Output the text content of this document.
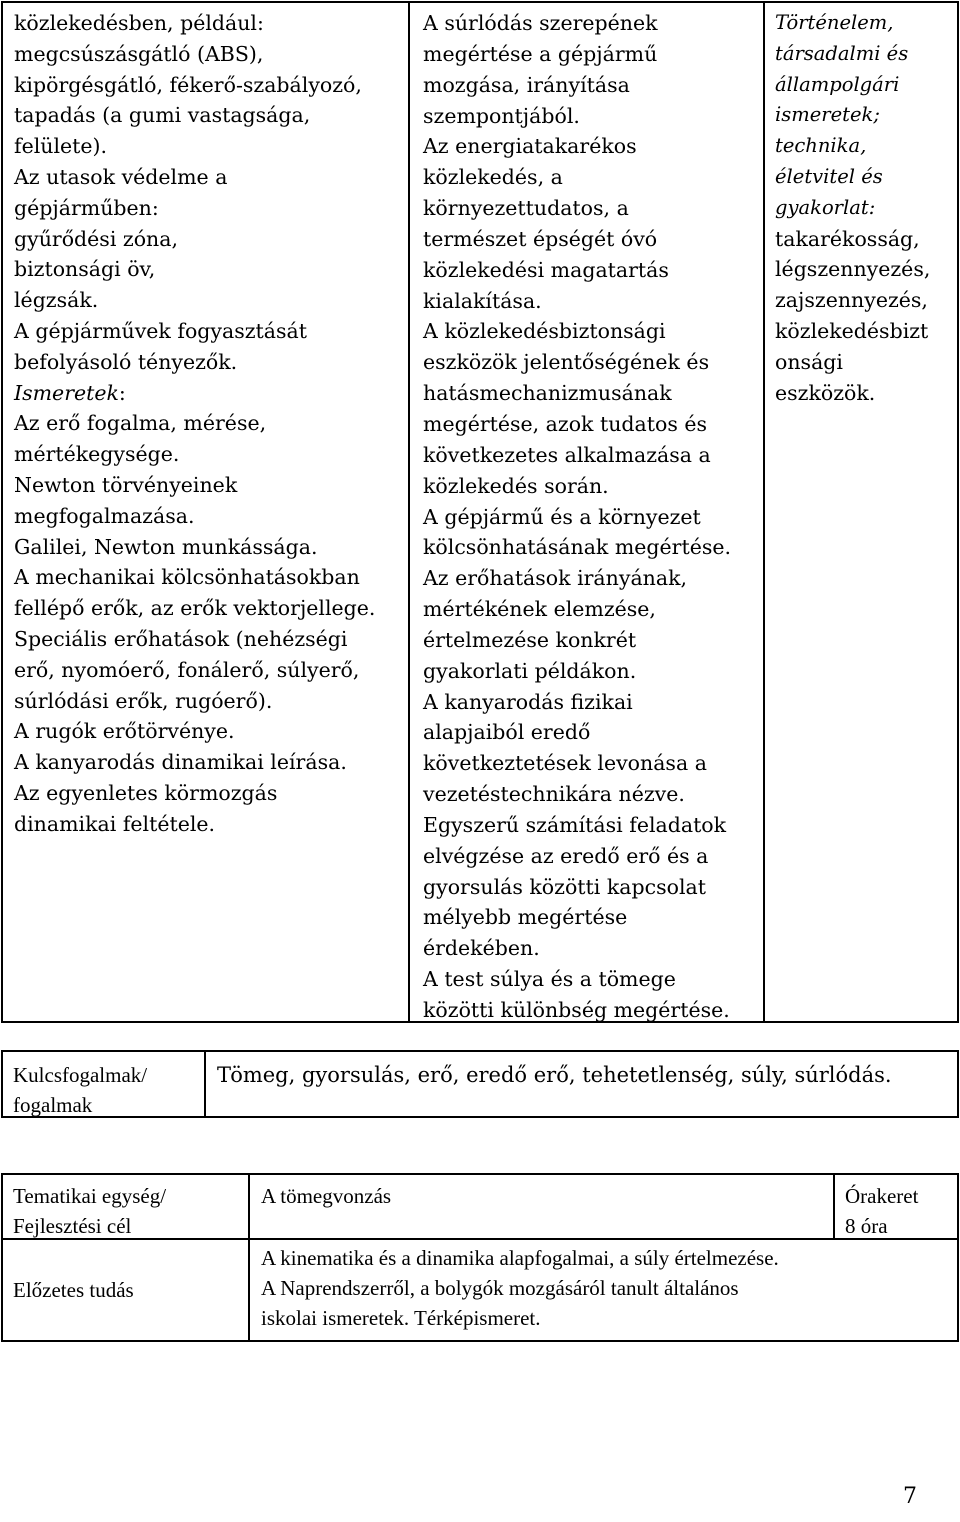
közlekedésben, például:
megcsúszásgátló (ABS),
kipörgésgátló, fékerő-szabályozó,
tapadás (a gumi vastagsága,
felülete).
Az utasok védelme a
gépjárműben:
gyűrődési zóna,
biztonsági öv,
légzsák.
A gépjárművek fogyasztását
befolyásoló tényezők.
Ismeretek:
Az erő fogalma, mérése,
mértékegysége.
Newton törvényeinek
megfogalmazása.
Galilei, Newton munkássága.
A mechanikai kölcsönhatásokban
fellépő erők, az erők vektorjellege.
Speciális erőhatások (nehézségi
erő, nyomóerő, fonálerő, súlyerő,
súrlódási erők, rugóerő).
A rugók erőtörvénye.
A kanyarodás dinamikai leírása.
Az egyenletes körmozgás
dinamikai feltétele.
A súrlódás szerepének
megértése a gépjármű
mozgása, irányítása
szempontjából.
Az energiatakarékos
közlekedés, a
környezettudatos, a
természet épségét óvó
közlekedési magatartás
kialakítása.
A közlekedésbiztonsági
eszközök jelentőségének és
hatásmechanizmusának
megértése, azok tudatos és
következetes alkalmazása a
közlekedés során.
A gépjármű és a környezet
kölcsönhatásának megértése.
Az erőhatások irányának,
mértékének elemzése,
értelmezése konkrét
gyakorlati példákon.
A kanyarodás fizikai
alapjaiból eredő
következtetések levonása a
vezetéstechnikára nézve.
Egyszerű számítási feladatok
elvégzése az eredő erő és a
gyorsulás közötti kapcsolat
mélyebb megértése
érdekében.
A test súlya és a tömege
közötti különbség megértése.
Történelem,
társadalmi és
állampolgári
ismeretek;
technika,
életvitel és
gyakorlat:
takarékosság,
légszennyezés,
zajszennyezés,
közlekedésbizt
onsági
eszközök.
Kulcsfogalmak/
fogalmak
Tömeg, gyorsulás, erő, eredő erő, tehetetlenség, súly, súrlódás.
Tematikai egység/
Fejlesztési cél
A tömegvonzás	Órakeret
8 óra
Előzetes tudás
A kinematika és a dinamika alapfogalmai, a súly értelmezése.
A Naprendszerről, a bolygók mozgásáról tanult általános
iskolai ismeretek. Térképismeret.
7
